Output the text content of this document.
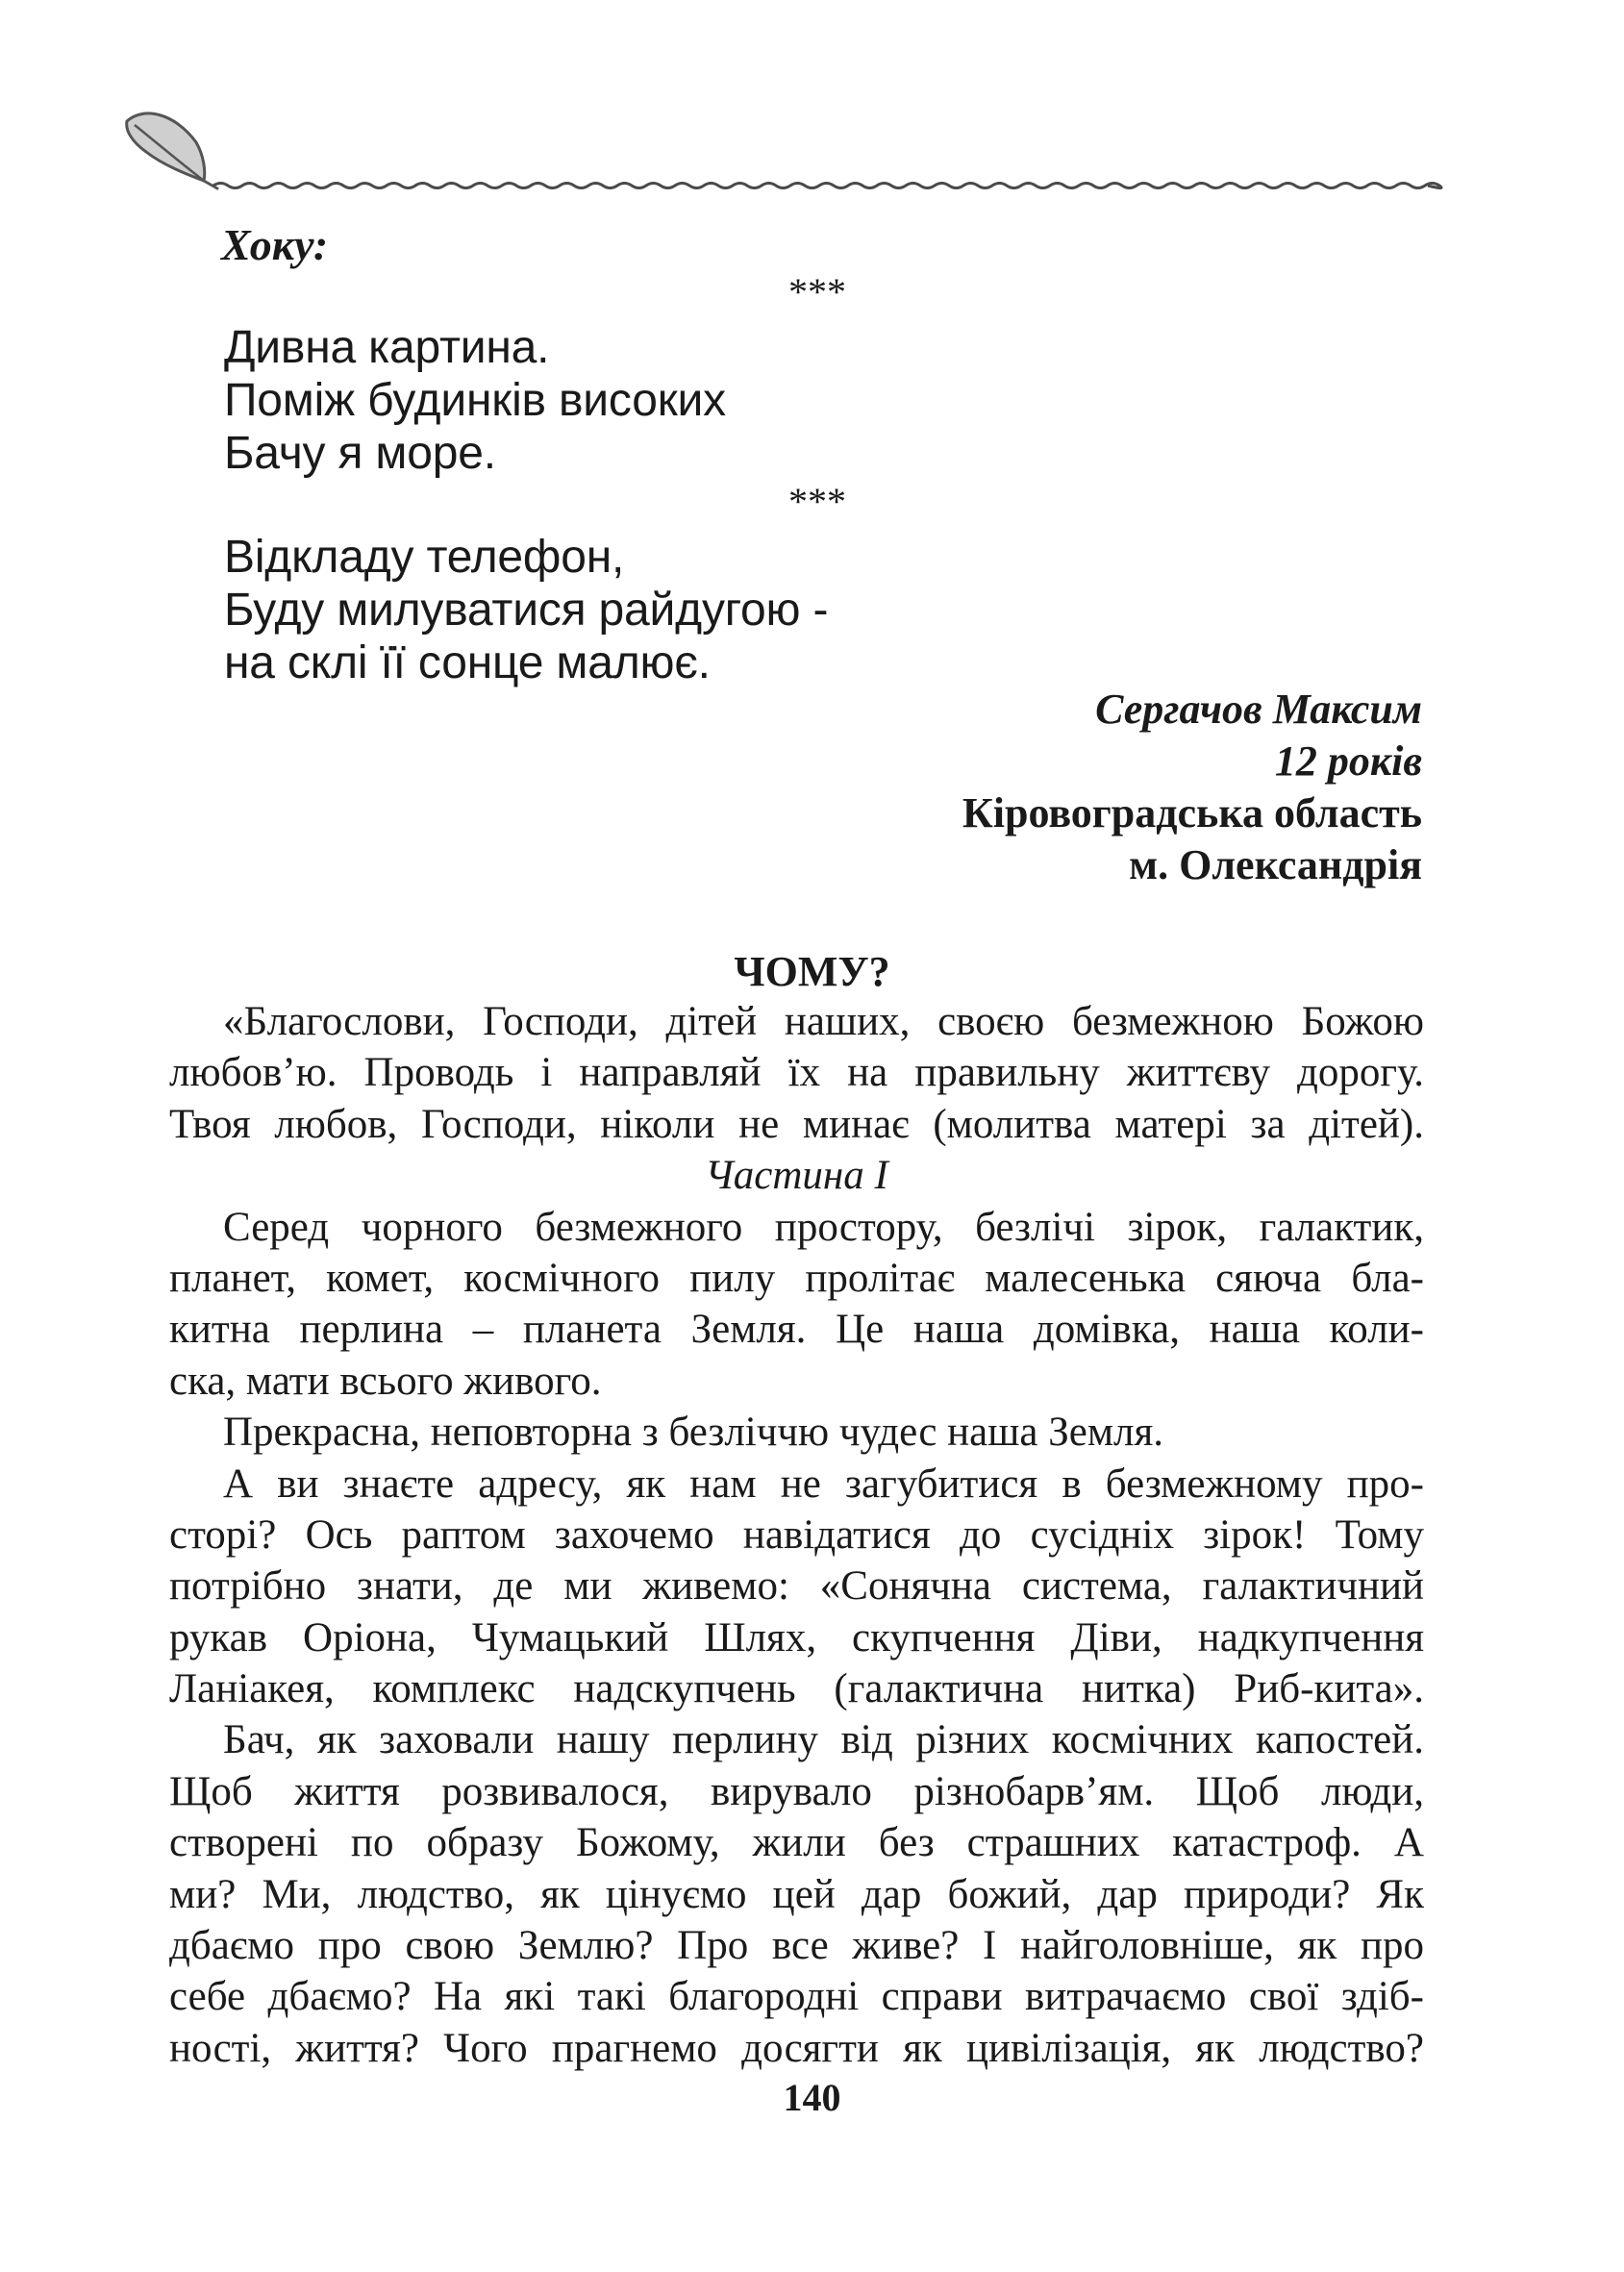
Хоку:
***
Дивна картина.
Поміж будинків високих
Бачу я море.
***
Відкладу телефон,
Буду милуватися райдугою -
на склі її сонце малює.
Сергачов Максим
12 років
Кіровоградська область
м. Олександрія
ЧОМУ?
«Благослови, Господи, дітей наших, своєю безмежною Божою
любов’ю. Проводь і направляй їх на правильну життєву дорогу.
Твоя любов, Господи, ніколи не минає (молитва матері за дітей).
Частина І
Серед чорного безмежного простору, безлічі зірок, галактик,
планет, комет, космічного пилу пролітає малесенька сяюча бла-
китна перлина – планета Земля. Це наша домівка, наша коли-
ска, мати всього живого.
Прекрасна, неповторна з безліччю чудес наша Земля.
А ви знаєте адресу, як нам не загубитися в безмежному про-
сторі? Ось раптом захочемо навідатися до сусідніх зірок! Тому
потрібно знати, де ми живемо: «Сонячна система, галактичний
рукав Оріона, Чумацький Шлях, скупчення Діви, надкупчення
Ланіакея, комплекс надскупчень (галактична нитка) Риб-кита».
Бач, як заховали нашу перлину від різних космічних капостей.
Щоб життя розвивалося, вирувало різнобарв’ям. Щоб люди,
створені по образу Божому, жили без страшних катастроф. А
ми? Ми, людство, як цінуємо цей дар божий, дар природи? Як
дбаємо про свою Землю? Про все живе? І найголовніше, як про
себе дбаємо? На які такі благородні справи витрачаємо свої здіб-
ності, життя? Чого прагнемо досягти як цивілізація, як людство?
140
